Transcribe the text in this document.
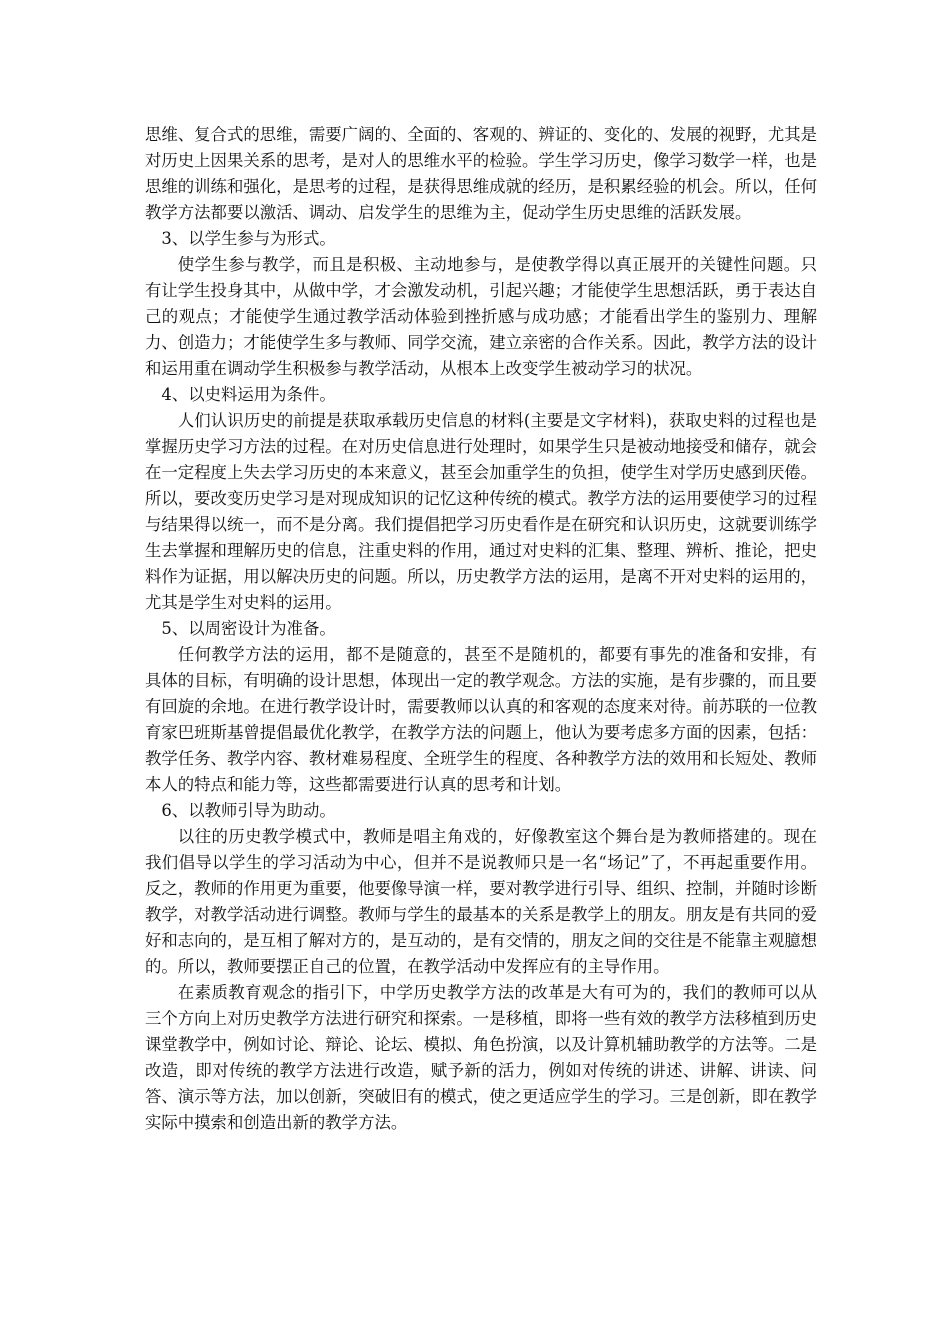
思维、复合式的思维，需要广阔的、全面的、客观的、辨证的、变化的、发展的视野，尤其是对历史上因果关系的思考，是对人的思维水平的检验。学生学习历史，像学习数学一样，也是思维的训练和强化，是思考的过程，是获得思维成就的经历，是积累经验的机会。所以，任何教学方法都要以激活、调动、启发学生的思维为主，促动学生历史思维的活跃发展。

3、以学生参与为形式。

使学生参与教学，而且是积极、主动地参与，是使教学得以真正展开的关键性问题。只有让学生投身其中，从做中学，才会激发动机，引起兴趣；才能使学生思想活跃，勇于表达自己的观点；才能使学生通过教学活动体验到挫折感与成功感；才能看出学生的鉴别力、理解力、创造力；才能使学生多与教师、同学交流，建立亲密的合作关系。因此，教学方法的设计和运用重在调动学生积极参与教学活动，从根本上改变学生被动学习的状况。

4、以史料运用为条件。

人们认识历史的前提是获取承载历史信息的材料(主要是文字材料)，获取史料的过程也是掌握历史学习方法的过程。在对历史信息进行处理时，如果学生只是被动地接受和储存，就会在一定程度上失去学习历史的本来意义，甚至会加重学生的负担，使学生对学历史感到厌倦。所以，要改变历史学习是对现成知识的记忆这种传统的模式。教学方法的运用要使学习的过程与结果得以统一，而不是分离。我们提倡把学习历史看作是在研究和认识历史，这就要训练学生去掌握和理解历史的信息，注重史料的作用，通过对史料的汇集、整理、辨析、推论，把史料作为证据，用以解决历史的问题。所以，历史教学方法的运用，是离不开对史料的运用的，尤其是学生对史料的运用。

5、以周密设计为准备。

任何教学方法的运用，都不是随意的，甚至不是随机的，都要有事先的准备和安排，有具体的目标，有明确的设计思想，体现出一定的教学观念。方法的实施，是有步骤的，而且要有回旋的余地。在进行教学设计时，需要教师以认真的和客观的态度来对待。前苏联的一位教育家巴班斯基曾提倡最优化教学，在教学方法的问题上，他认为要考虑多方面的因素，包括：教学任务、教学内容、教材难易程度、全班学生的程度、各种教学方法的效用和长短处、教师本人的特点和能力等，这些都需要进行认真的思考和计划。

6、以教师引导为助动。

以往的历史教学模式中，教师是唱主角戏的，好像教室这个舞台是为教师搭建的。现在我们倡导以学生的学习活动为中心，但并不是说教师只是一名“场记”了，不再起重要作用。反之，教师的作用更为重要，他要像导演一样，要对教学进行引导、组织、控制，并随时诊断教学，对教学活动进行调整。教师与学生的最基本的关系是教学上的朋友。朋友是有共同的爱好和志向的，是互相了解对方的，是互动的，是有交情的，朋友之间的交往是不能靠主观臆想的。所以，教师要摆正自己的位置，在教学活动中发挥应有的主导作用。

在素质教育观念的指引下，中学历史教学方法的改革是大有可为的，我们的教师可以从三个方向上对历史教学方法进行研究和探索。一是移植，即将一些有效的教学方法移植到历史课堂教学中，例如讨论、辩论、论坛、模拟、角色扮演，以及计算机辅助教学的方法等。二是改造，即对传统的教学方法进行改造，赋予新的活力，例如对传统的讲述、讲解、讲读、问答、演示等方法，加以创新，突破旧有的模式，使之更适应学生的学习。三是创新，即在教学实际中摸索和创造出新的教学方法。
